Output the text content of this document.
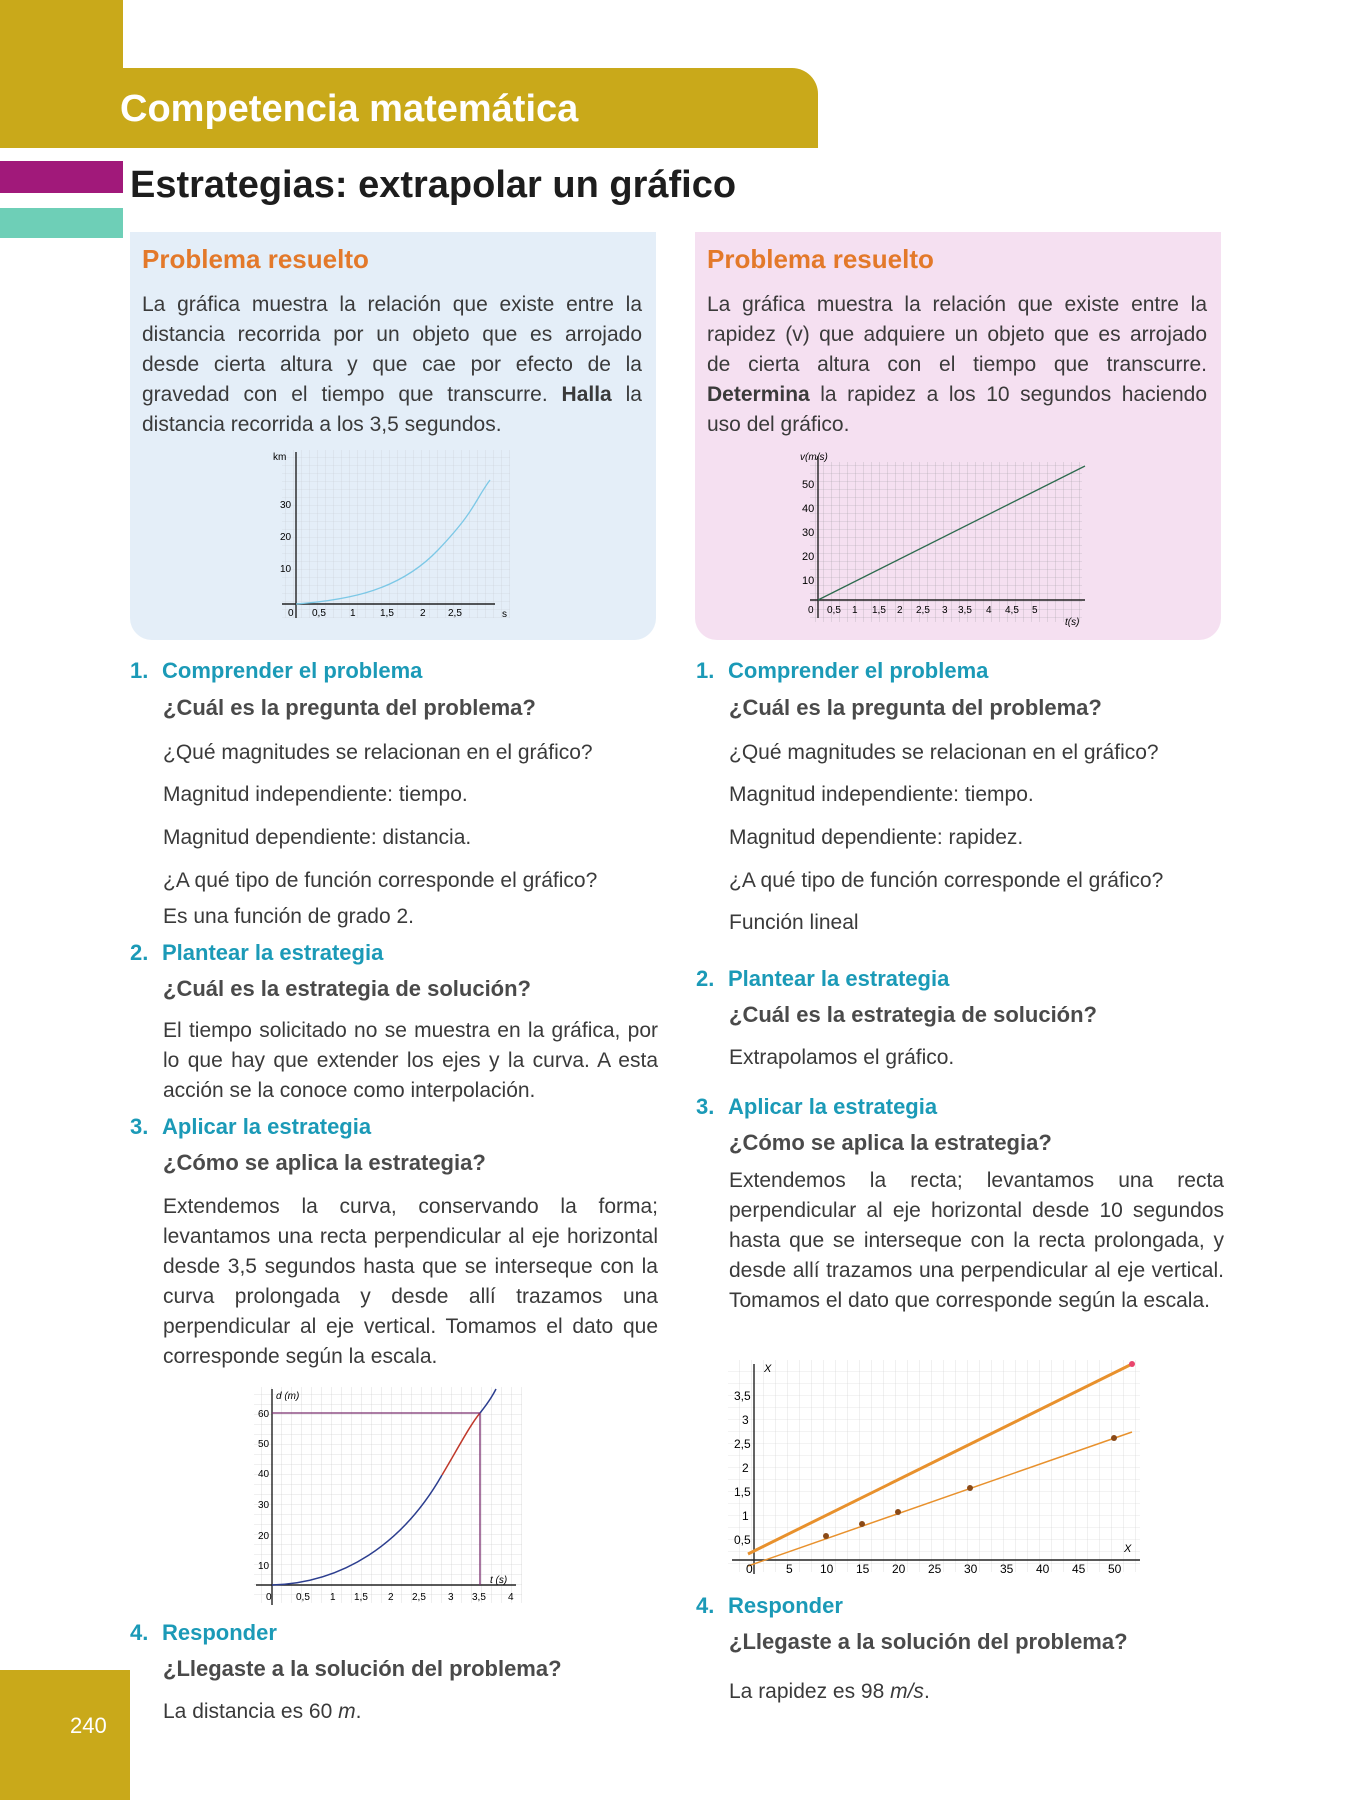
Competencia matemática
Estrategias: extrapolar un gráfico
Problema resuelto
La gráfica muestra la relación que existe entre la distancia recorrida por un objeto que es arrojado desde cierta altura y que cae por efecto de la gravedad con el tiempo que transcurre. Halla la distancia recorrida a los 3,5 segundos.
km
s
10
20
30
0 0,5 1 1,5	2 2,5
Problema resuelto
La gráfica muestra la relación que existe entre la rapidez (v) que adquiere un objeto que es arrojado de cierta altura con el tiempo que transcurre. Determina la rapidez a los 10 segundos haciendo uso del gráfico.
v(m/s)
t(s)
10
20
30
40
50
0 0,5 1 1,5 2 2,5 3 3,5 4 4,5 5
1. Comprender el problema
¿Cuál es la pregunta del problema?
¿Qué magnitudes se relacionan en el gráfico?
Magnitud independiente: tiempo.
Magnitud dependiente: distancia.
¿A qué tipo de función corresponde el gráfico?
Es una función de grado 2.
2. Plantear la estrategia
¿Cuál es la estrategia de solución?
El tiempo solicitado no se muestra en la gráfica, por lo que hay que extender los ejes y la curva. A esta acción se la conoce como interpolación.
3. Aplicar la estrategia
¿Cómo se aplica la estrategia?
Extendemos la curva, conservando la forma; levantamos una recta perpendicular al eje horizontal desde 3,5 segundos hasta que se interseque con la curva prolongada y desde allí trazamos una perpendicular al eje vertical. Tomamos el dato que corresponde según la escala.
d (m)
t (s)
10
20
30
40
50
60
0 0,5 1 1,5 2 2,5 3 3,5 4
4. Responder
¿Llegaste a la solución del problema?
La distancia es 60 m.
1. Comprender el problema
¿Cuál es la pregunta del problema?
¿Qué magnitudes se relacionan en el gráfico?
Magnitud independiente: tiempo.
Magnitud dependiente: rapidez.
¿A qué tipo de función corresponde el gráfico?
Función lineal
2. Plantear la estrategia
¿Cuál es la estrategia de solución?
Extrapolamos el gráfico.
3. Aplicar la estrategia
¿Cómo se aplica la estrategia?
Extendemos la recta; levantamos una recta perpendicular al eje horizontal desde 10 segundos hasta que se interseque con la recta prolongada, y desde allí trazamos una perpendicular al eje vertical. Tomamos el dato que corresponde según la escala.
X
X
0,5
1
1,5
2
2,5
3
3,5
0	5 10 15 20 25 30 35 40 45 50
4. Responder
¿Llegaste a la solución del problema?
La rapidez es 98 m/s.
240
